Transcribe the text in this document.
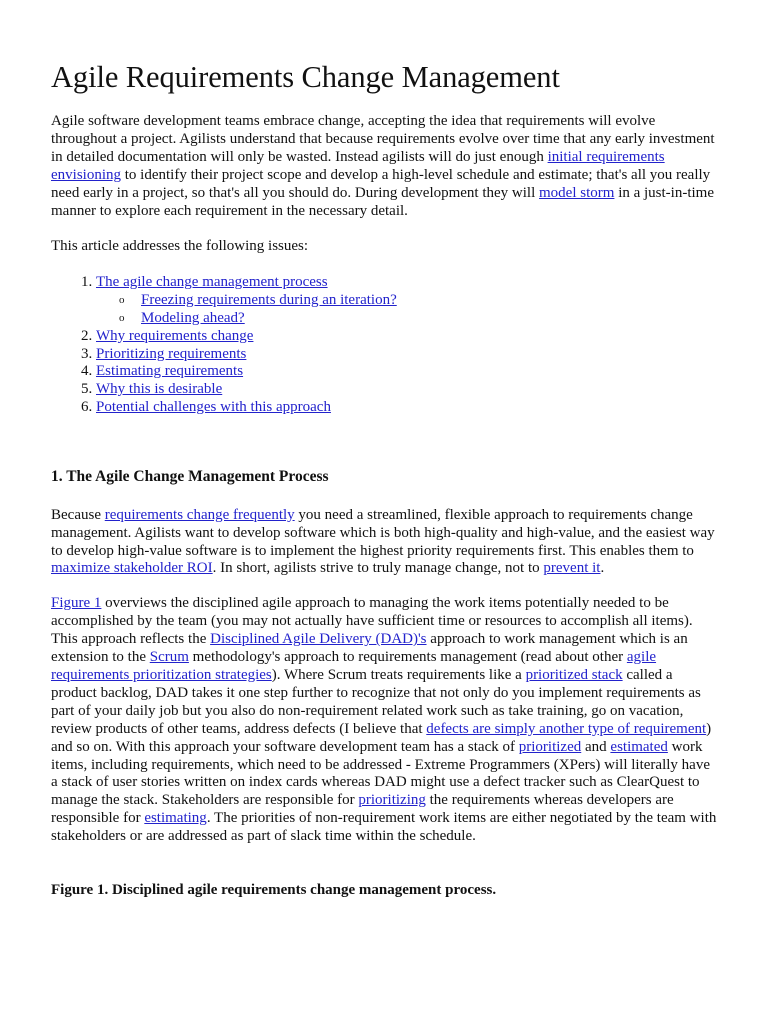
Agile Requirements Change Management

Agile software development teams embrace change, accepting the idea that requirements will evolve throughout a project. Agilists understand that because requirements evolve over time that any early investment in detailed documentation will only be wasted. Instead agilists will do just enough initial requirements envisioning to identify their project scope and develop a high-level schedule and estimate; that's all you really need early in a project, so that's all you should do. During development they will model storm in a just-in-time manner to explore each requirement in the necessary detail.

This article addresses the following issues:

1. The agile change management process
o Freezing requirements during an iteration?
o Modeling ahead?
2. Why requirements change
3. Prioritizing requirements
4. Estimating requirements
5. Why this is desirable
6. Potential challenges with this approach
1. The Agile Change Management Process

Because requirements change frequently you need a streamlined, flexible approach to requirements change management. Agilists want to develop software which is both high-quality and high-value, and the easiest way to develop high-value software is to implement the highest priority requirements first. This enables them to maximize stakeholder ROI. In short, agilists strive to truly manage change, not to prevent it.

Figure 1 overviews the disciplined agile approach to managing the work items potentially needed to be accomplished by the team (you may not actually have sufficient time or resources to accomplish all items). This approach reflects the Disciplined Agile Delivery (DAD)'s approach to work management which is an extension to the Scrum methodology's approach to requirements management (read about other agile requirements prioritization strategies). Where Scrum treats requirements like a prioritized stack called a product backlog, DAD takes it one step further to recognize that not only do you implement requirements as part of your daily job but you also do non-requirement related work such as take training, go on vacation, review products of other teams, address defects (I believe that defects are simply another type of requirement) and so on. With this approach your software development team has a stack of prioritized and estimated work items, including requirements, which need to be addressed - Extreme Programmers (XPers) will literally have a stack of user stories written on index cards whereas DAD might use a defect tracker such as ClearQuest to manage the stack. Stakeholders are responsible for prioritizing the requirements whereas developers are responsible for estimating. The priorities of non-requirement work items are either negotiated by the team with stakeholders or are addressed as part of slack time within the schedule.

Figure 1. Disciplined agile requirements change management process.
